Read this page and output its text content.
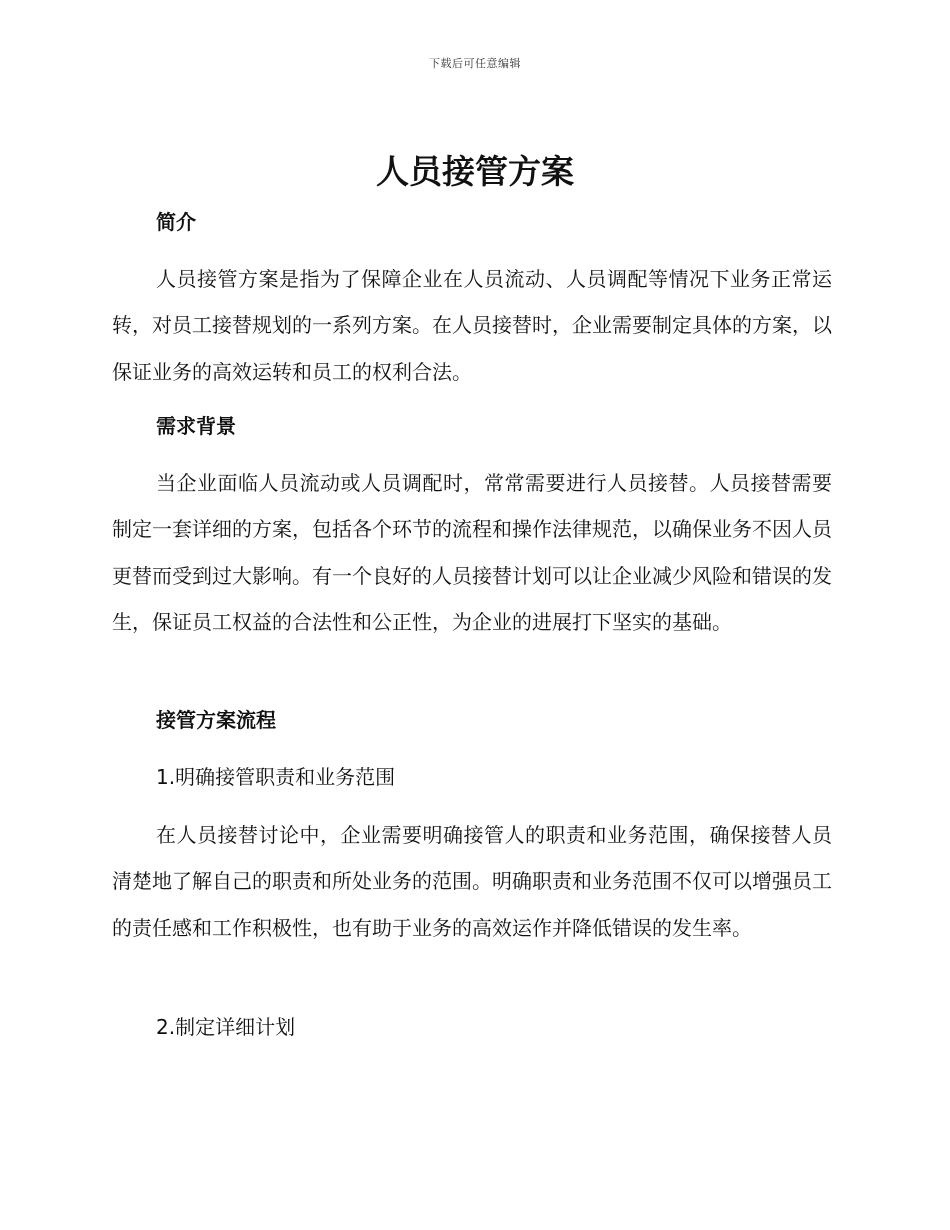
下载后可任意编辑
人员接管方案
简介

人员接管方案是指为了保障企业在人员流动、人员调配等情况下业务正常运转，对员工接替规划的一系列方案。在人员接替时，企业需要制定具体的方案，以保证业务的高效运转和员工的权利合法。

需求背景

当企业面临人员流动或人员调配时，常常需要进行人员接替。人员接替需要制定一套详细的方案，包括各个环节的流程和操作法律规范，以确保业务不因人员更替而受到过大影响。有一个良好的人员接替计划可以让企业减少风险和错误的发生，保证员工权益的合法性和公正性，为企业的进展打下坚实的基础。

接管方案流程

1.明确接管职责和业务范围

在人员接替讨论中，企业需要明确接管人的职责和业务范围，确保接替人员清楚地了解自己的职责和所处业务的范围。明确职责和业务范围不仅可以增强员工的责任感和工作积极性，也有助于业务的高效运作并降低错误的发生率。

2.制定详细计划
